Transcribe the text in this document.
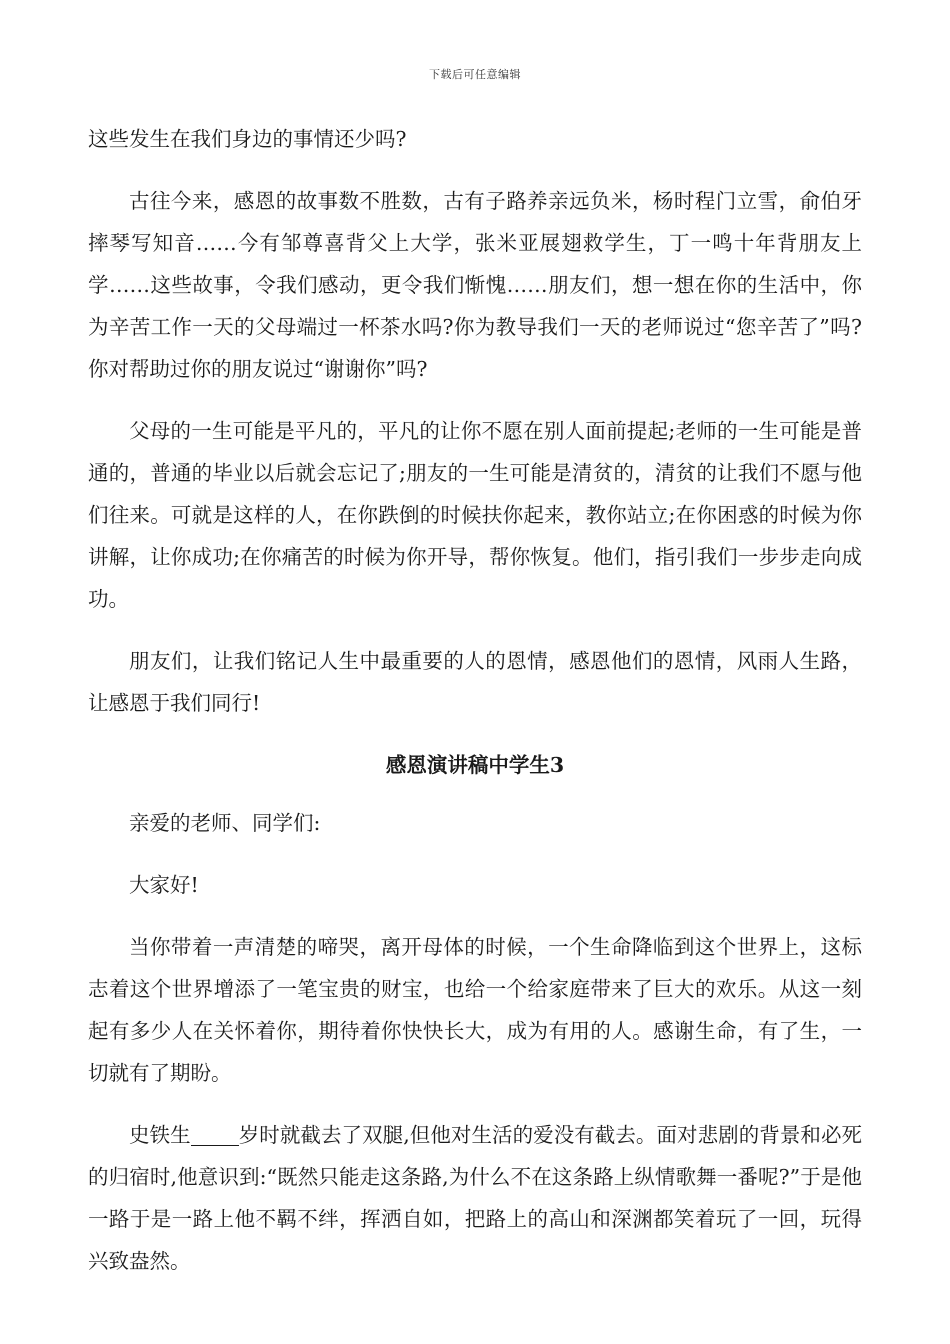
下载后可任意编辑

这些发生在我们身边的事情还少吗?

古往今来，感恩的故事数不胜数，古有子路养亲远负米，杨时程门立雪，俞伯牙摔琴写知音……今有邹尊喜背父上大学，张米亚展翅救学生，丁一鸣十年背朋友上学……这些故事，令我们感动，更令我们惭愧……朋友们，想一想在你的生活中，你为辛苦工作一天的父母端过一杯茶水吗?你为教导我们一天的老师说过“您辛苦了”吗?你对帮助过你的朋友说过“谢谢你”吗?

父母的一生可能是平凡的，平凡的让你不愿在别人面前提起;老师的一生可能是普通的，普通的毕业以后就会忘记了;朋友的一生可能是清贫的，清贫的让我们不愿与他们往来。可就是这样的人，在你跌倒的时候扶你起来，教你站立;在你困惑的时候为你讲解，让你成功;在你痛苦的时候为你开导，帮你恢复。他们，指引我们一步步走向成功。

朋友们，让我们铭记人生中最重要的人的恩情，感恩他们的恩情，风雨人生路，让感恩于我们同行!

感恩演讲稿中学生3

亲爱的老师、同学们:

大家好!

当你带着一声清楚的啼哭，离开母体的时候，一个生命降临到这个世界上，这标志着这个世界增添了一笔宝贵的财宝，也给一个给家庭带来了巨大的欢乐。从这一刻起有多少人在关怀着你，期待着你快快长大，成为有用的人。感谢生命，有了生，一切就有了期盼。

史铁生 岁时就截去了双腿,但他对生活的爱没有截去。面对悲剧的背景和必死的归宿时,他意识到:“既然只能走这条路,为什么不在这条路上纵情歌舞一番呢?”于是他一路于是一路上他不羁不绊，挥洒自如，把路上的高山和深渊都笑着玩了一回，玩得兴致盎然。
